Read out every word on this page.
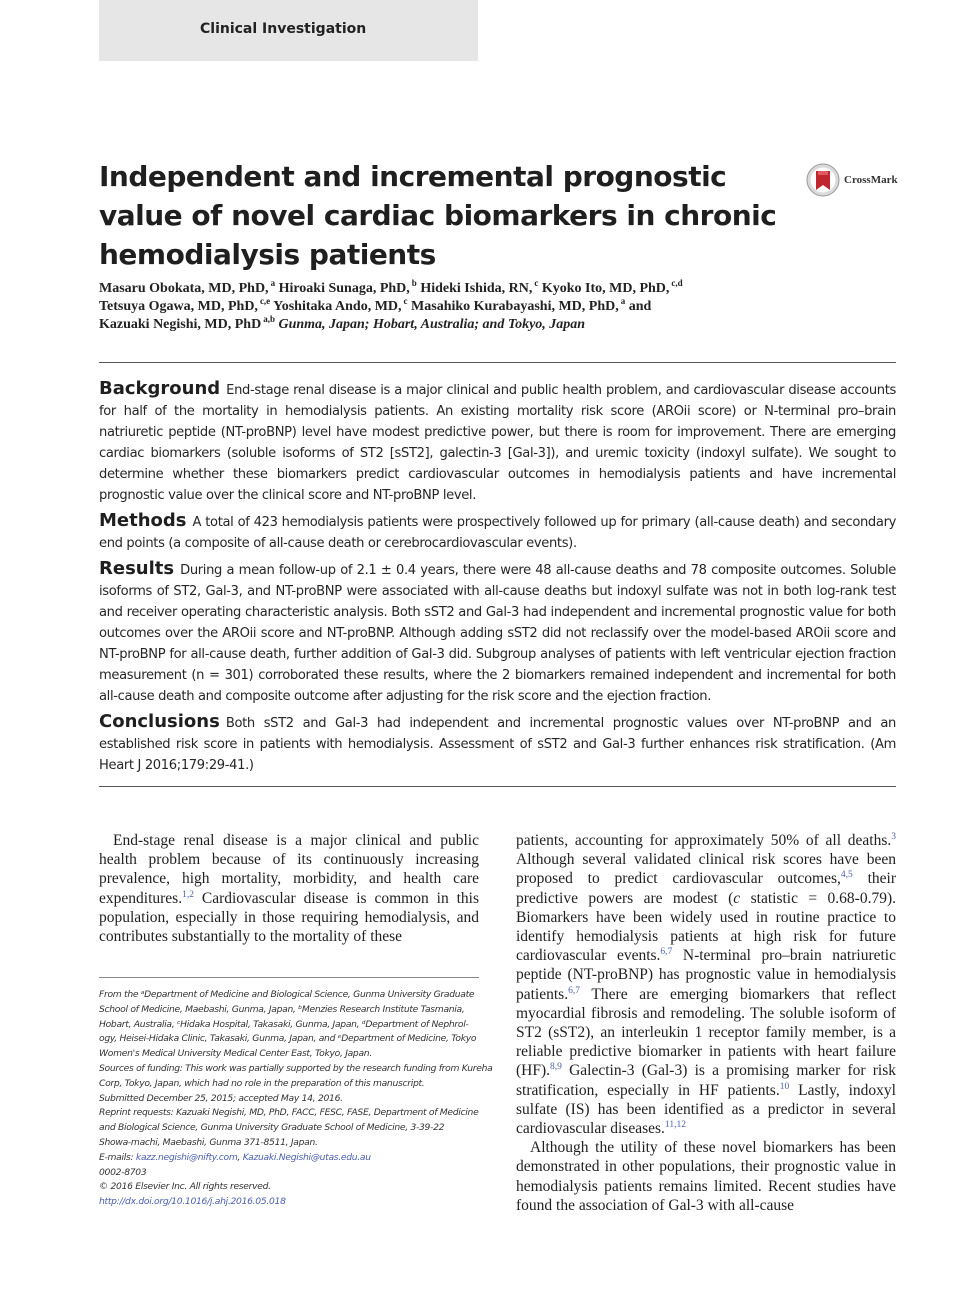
Clinical Investigation
Independent and incremental prognostic
value of novel cardiac biomarkers in chronic
hemodialysis patients
CrossMark
Masaru Obokata, MD, PhD, $^a$ Hiroaki Sunaga, PhD, $^b$ Hideki Ishida, RN, $^c$ Kyoko Ito, MD, PhD, $^{c,d}$
Tetsuya Ogawa, MD, PhD, $^{c,e}$ Yoshitaka Ando, MD, $^c$ Masahiko Kurabayashi, MD, PhD, $^a$ and
Kazuaki Negishi, MD, PhD $^{a,b}$ Gunma, Japan; Hobart, Australia; and Tokyo, Japan

Background End-stage renal disease is a major clinical and public health problem, and cardiovascular disease accounts for half of the mortality in hemodialysis patients. An existing mortality risk score (AROii score) or N-terminal pro–brain natriuretic peptide (NT-proBNP) level have modest predictive power, but there is room for improvement. There are emerging cardiac biomarkers (soluble isoforms of ST2 [sST2], galectin-3 [Gal-3]), and uremic toxicity (indoxyl sulfate). We sought to determine whether these biomarkers predict cardiovascular outcomes in hemodialysis patients and have incremental prognostic value over the clinical score and NT-proBNP level.

Methods A total of 423 hemodialysis patients were prospectively followed up for primary (all-cause death) and secondary end points (a composite of all-cause death or cerebrocardiovascular events).

Results During a mean follow-up of 2.1 ± 0.4 years, there were 48 all-cause deaths and 78 composite outcomes. Soluble isoforms of ST2, Gal-3, and NT-proBNP were associated with all-cause deaths but indoxyl sulfate was not in both log-rank test and receiver operating characteristic analysis. Both sST2 and Gal-3 had independent and incremental prognostic value for both outcomes over the AROii score and NT-proBNP. Although adding sST2 did not reclassify over the model-based AROii score and NT-proBNP for all-cause death, further addition of Gal-3 did. Subgroup analyses of patients with left ventricular ejection fraction measurement (n = 301) corroborated these results, where the 2 biomarkers remained independent and incremental for both all-cause death and composite outcome after adjusting for the risk score and the ejection fraction.

Conclusions Both sST2 and Gal-3 had independent and incremental prognostic values over NT-proBNP and an established risk score in patients with hemodialysis. Assessment of sST2 and Gal-3 further enhances risk stratification. (Am Heart J 2016;179:29-41.)

End-stage renal disease is a major clinical and public health problem because of its continuously increasing prevalence, high mortality, morbidity, and health care expenditures.$^{1,2}$ Cardiovascular disease is common in this population, especially in those requiring hemodialysis, and contributes substantially to the mortality of these

From the ᵃDepartment of Medicine and Biological Science, Gunma University Graduate
School of Medicine, Maebashi, Gunma, Japan, ᵇMenzies Research Institute Tasmania,
Hobart, Australia, ᶜHidaka Hospital, Takasaki, Gunma, Japan, ᵈDepartment of Nephrol-
ogy, Heisei-Hidaka Clinic, Takasaki, Gunma, Japan, and ᵉDepartment of Medicine, Tokyo
Women's Medical University Medical Center East, Tokyo, Japan.
Sources of funding: This work was partially supported by the research funding from Kureha
Corp, Tokyo, Japan, which had no role in the preparation of this manuscript.
Submitted December 25, 2015; accepted May 14, 2016.
Reprint requests: Kazuaki Negishi, MD, PhD, FACC, FESC, FASE, Department of Medicine
and Biological Science, Gunma University Graduate School of Medicine, 3-39-22
Showa-machi, Maebashi, Gunma 371-8511, Japan.
E-mails: kazz.negishi@nifty.com, Kazuaki.Negishi@utas.edu.au
0002-8703
© 2016 Elsevier Inc. All rights reserved.
http://dx.doi.org/10.1016/j.ahj.2016.05.018

patients, accounting for approximately 50% of all deaths.$^3$ Although several validated clinical risk scores have been proposed to predict cardiovascular outcomes,$^{4,5}$ their predictive powers are modest (c statistic = 0.68-0.79). Biomarkers have been widely used in routine practice to identify hemodialysis patients at high risk for future cardiovascular events.$^{6,7}$ N-terminal pro–brain natriuretic peptide (NT-proBNP) has prognostic value in hemodialysis patients.$^{6,7}$ There are emerging biomarkers that reflect myocardial fibrosis and remodeling. The soluble isoform of ST2 (sST2), an interleukin 1 receptor family member, is a reliable predictive biomarker in patients with heart failure (HF).$^{8,9}$ Galectin-3 (Gal-3) is a promising marker for risk stratification, especially in HF patients.$^{10}$ Lastly, indoxyl sulfate (IS) has been identified as a predictor in several cardiovascular diseases.$^{11,12}$

Although the utility of these novel biomarkers has been demonstrated in other populations, their prognostic value in hemodialysis patients remains limited. Recent studies have found the association of Gal-3 with all-cause
